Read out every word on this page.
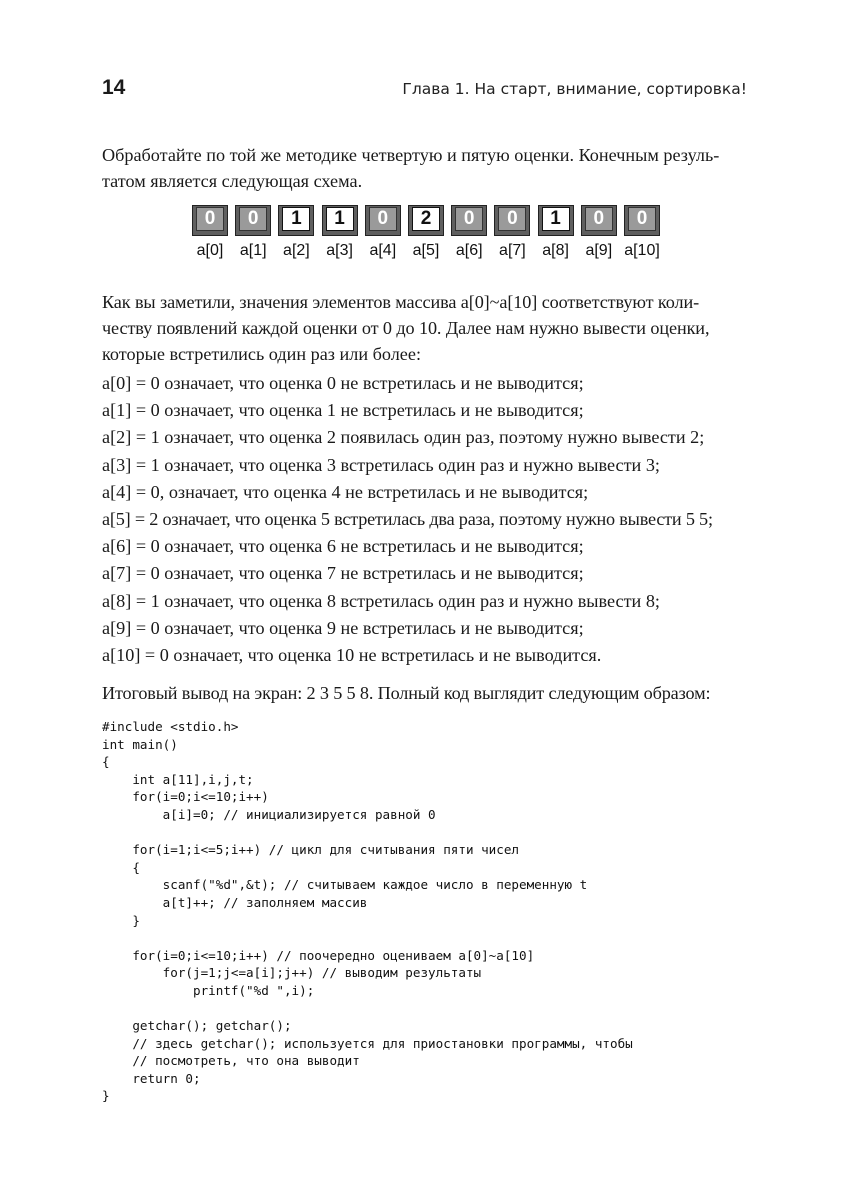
14	Глава 1. На старт, внимание, сортировка!

Обработайте по той же методике четвертую и пятую оценки. Конечным резуль-
татом является следующая схема.

0	0	1	1	0	2	0	0	1	0	0
a[0]	a[1]	a[2]	a[3]	a[4]	a[5]	a[6]	a[7]	a[8]	a[9] a[10]

Как вы заметили, значения элементов массива a[0]~a[10] соответствуют коли-
честву появлений каждой оценки от 0 до 10. Далее нам нужно вывести оценки,
которые встретились один раз или более:

a[0] = 0 означает, что оценка 0 не встретилась и не выводится;
a[1] = 0 означает, что оценка 1 не встретилась и не выводится;
a[2] = 1 означает, что оценка 2 появилась один раз, поэтому нужно вывести 2;
a[3] = 1 означает, что оценка 3 встретилась один раз и нужно вывести 3;
a[4] = 0, означает, что оценка 4 не встретилась и не выводится;
a[5] = 2 означает, что оценка 5 встретилась два раза, поэтому нужно вывести 5 5;
a[6] = 0 означает, что оценка 6 не встретилась и не выводится;
a[7] = 0 означает, что оценка 7 не встретилась и не выводится;
a[8] = 1 означает, что оценка 8 встретилась один раз и нужно вывести 8;
a[9] = 0 означает, что оценка 9 не встретилась и не выводится;
a[10] = 0 означает, что оценка 10 не встретилась и не выводится.

Итоговый вывод на экран: 2 3 5 5 8. Полный код выглядит следующим образом:

#include <stdio.h>
int main()
{
int a[11],i,j,t;
for(i=0;i<=10;i++)
a[i]=0; // инициализируется равной 0
for(i=1;i<=5;i++) // цикл для считывания пяти чисел
{
scanf("%d",&t); // считываем каждое число в переменную t
a[t]++; // заполняем массив
}
for(i=0;i<=10;i++) // поочередно оцениваем a[0]~a[10]
for(j=1;j<=a[i];j++) // выводим результаты
printf("%d ",i);
getchar(); getchar();
// здесь getchar(); используется для приостановки программы, чтобы
// посмотреть, что она выводит
return 0;
}
